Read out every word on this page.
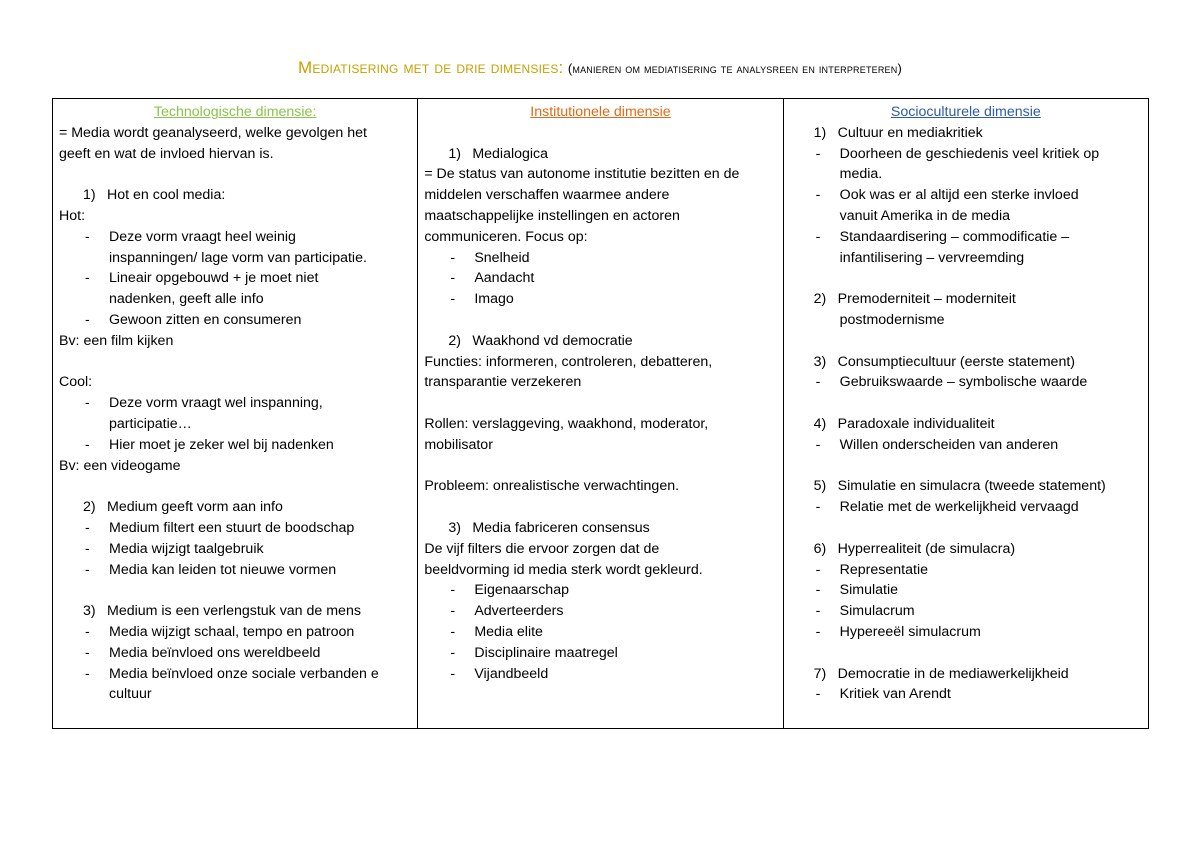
Mediatisering met de drie dimensies: (manieren om mediatisering te analysreen en interpreteren)
Technologische dimensie:
= Media wordt geanalyseerd, welke gevolgen het
geeft en wat de invloed hiervan is.
1) Hot en cool media:
Hot:
- Deze vorm vraagt heel weinig
inspanningen/ lage vorm van participatie.
- Lineair opgebouwd + je moet niet
nadenken, geeft alle info
- Gewoon zitten en consumeren
Bv: een film kijken
Cool:
- Deze vorm vraagt wel inspanning,
participatie…
- Hier moet je zeker wel bij nadenken
Bv: een videogame
2) Medium geeft vorm aan info
- Medium filtert een stuurt de boodschap
- Media wijzigt taalgebruik
- Media kan leiden tot nieuwe vormen
3) Medium is een verlengstuk van de mens
- Media wijzigt schaal, tempo en patroon
- Media beïnvloed ons wereldbeeld
- Media beïnvloed onze sociale verbanden e
cultuur

Institutionele dimensie
1) Medialogica
= De status van autonome institutie bezitten en de
middelen verschaffen waarmee andere
maatschappelijke instellingen en actoren
communiceren. Focus op:
- Snelheid
- Aandacht
- Imago
2) Waakhond vd democratie
Functies: informeren, controleren, debatteren,
transparantie verzekeren
Rollen: verslaggeving, waakhond, moderator,
mobilisator
Probleem: onrealistische verwachtingen.
3) Media fabriceren consensus
De vijf filters die ervoor zorgen dat de
beeldvorming id media sterk wordt gekleurd.
- Eigenaarschap
- Adverteerders
- Media elite
- Disciplinaire maatregel
- Vijandbeeld

Socioculturele dimensie
1) Cultuur en mediakritiek
- Doorheen de geschiedenis veel kritiek op
media.
- Ook was er al altijd een sterke invloed
vanuit Amerika in de media
- Standaardisering – commodificatie –
infantilisering – vervreemding
2) Premoderniteit – moderniteit
postmodernisme
3) Consumptiecultuur (eerste statement)
- Gebruikswaarde – symbolische waarde
4) Paradoxale individualiteit
- Willen onderscheiden van anderen
5) Simulatie en simulacra (tweede statement)
- Relatie met de werkelijkheid vervaagd
6) Hyperrealiteit (de simulacra)
- Representatie
- Simulatie
- Simulacrum
- Hypereeël simulacrum
7) Democratie in de mediawerkelijkheid
- Kritiek van Arendt
